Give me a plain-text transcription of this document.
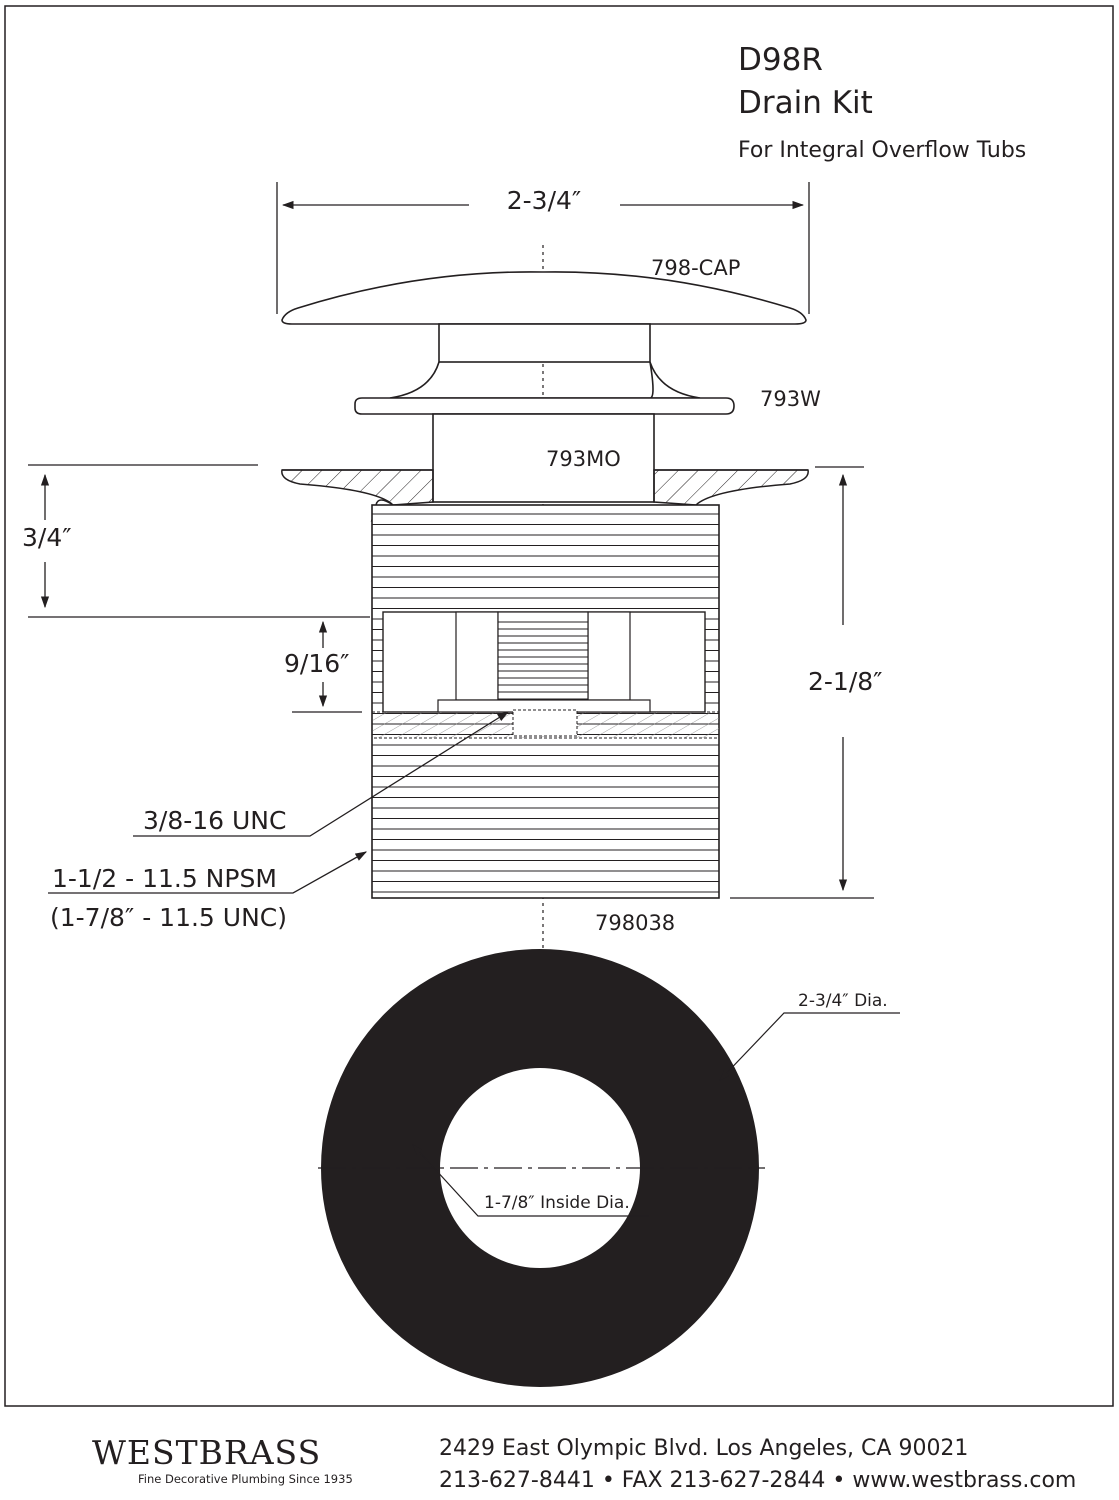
D98R
Drain Kit
For Integral Overflow Tubs
2-3/4″
798-CAP
793W
793MO
798038
3/4″
9/16″
2-1/8″
3/8-16 UNC
1-1/2 - 11.5 NPSM
(1-7/8″ - 11.5 UNC)
2-3/4″ Dia.
1-7/8″ Inside Dia.
WESTBRASS
Fine Decorative Plumbing Since 1935
2429 East Olympic Blvd. Los Angeles, CA 90021
213-627-8441 • FAX 213-627-2844 • www.westbrass.com
